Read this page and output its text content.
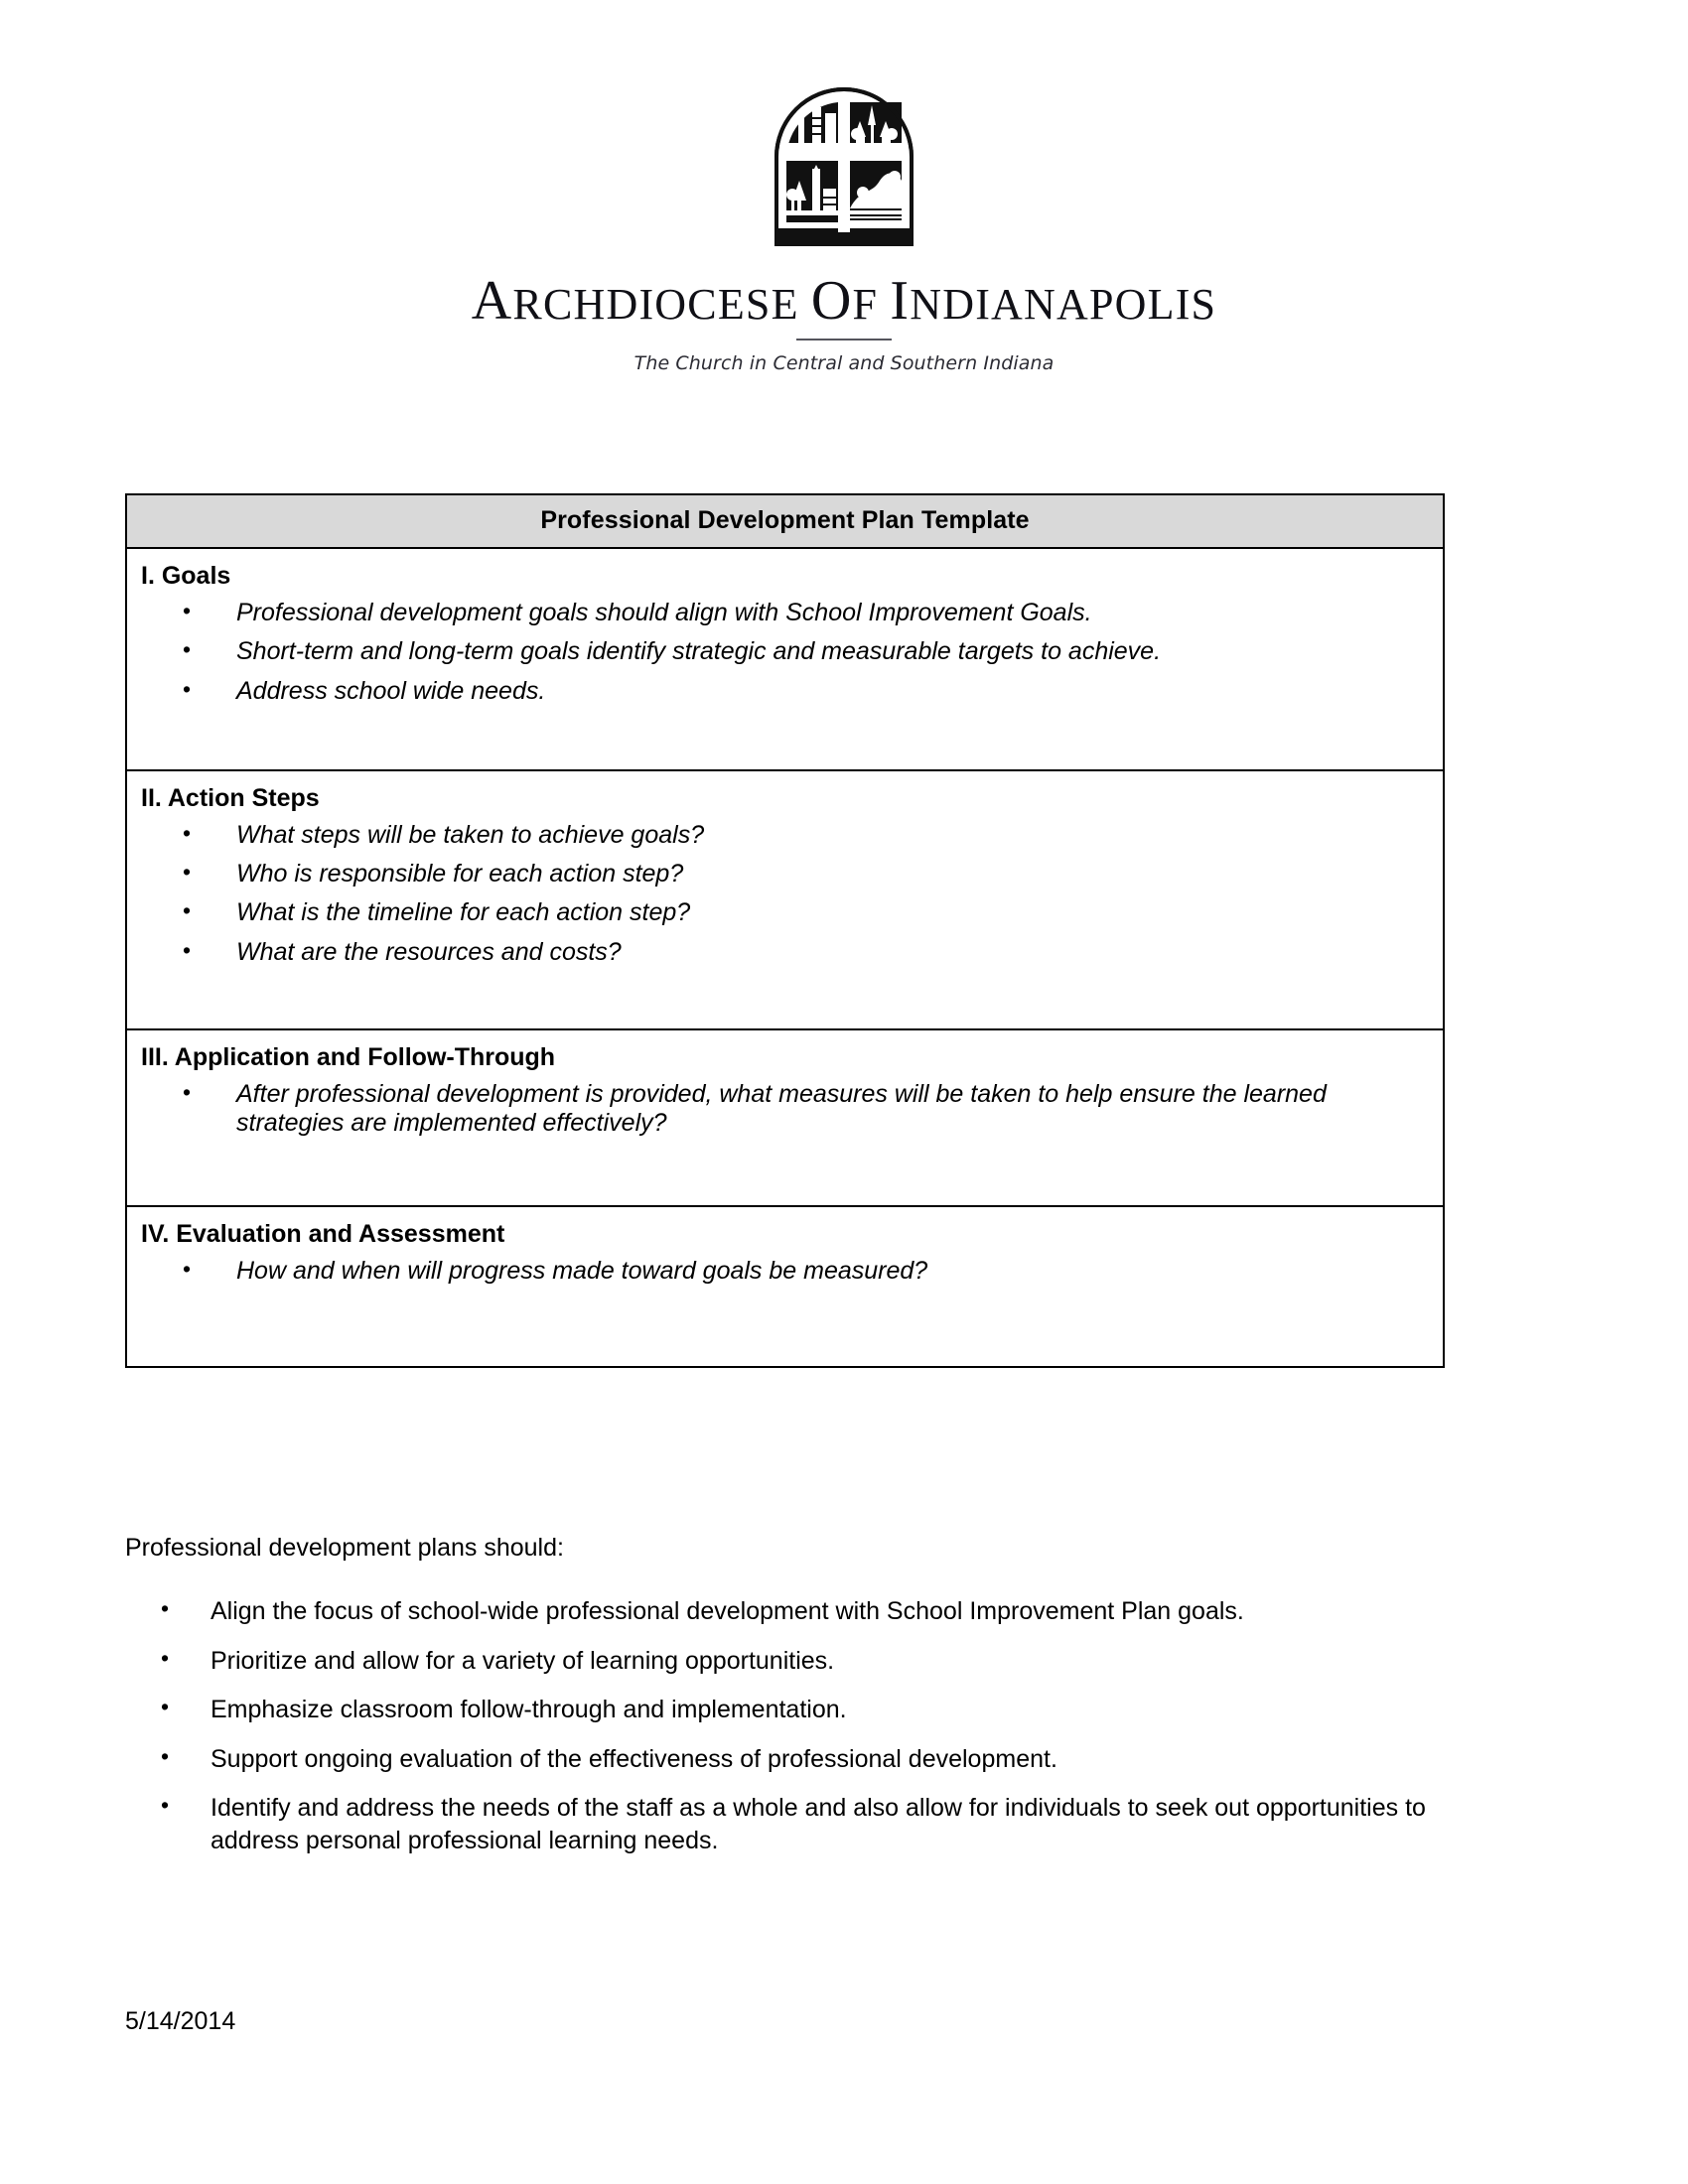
ARCHDIOCESE OF INDIANAPOLIS
The Church in Central and Southern Indiana
Professional Development Plan Template
I. Goals
• Professional development goals should align with School Improvement Goals.
• Short-term and long-term goals identify strategic and measurable targets to achieve.
• Address school wide needs.
II. Action Steps
• What steps will be taken to achieve goals?
• Who is responsible for each action step?
• What is the timeline for each action step?
• What are the resources and costs?
III. Application and Follow-Through
• After professional development is provided, what measures will be taken to help ensure the learned strategies are implemented effectively?
IV. Evaluation and Assessment
• How and when will progress made toward goals be measured?
Professional development plans should:
• Align the focus of school-wide professional development with School Improvement Plan goals.
• Prioritize and allow for a variety of learning opportunities.
• Emphasize classroom follow-through and implementation.
• Support ongoing evaluation of the effectiveness of professional development.
• Identify and address the needs of the staff as a whole and also allow for individuals to seek out opportunities to address personal professional learning needs.
5/14/2014
